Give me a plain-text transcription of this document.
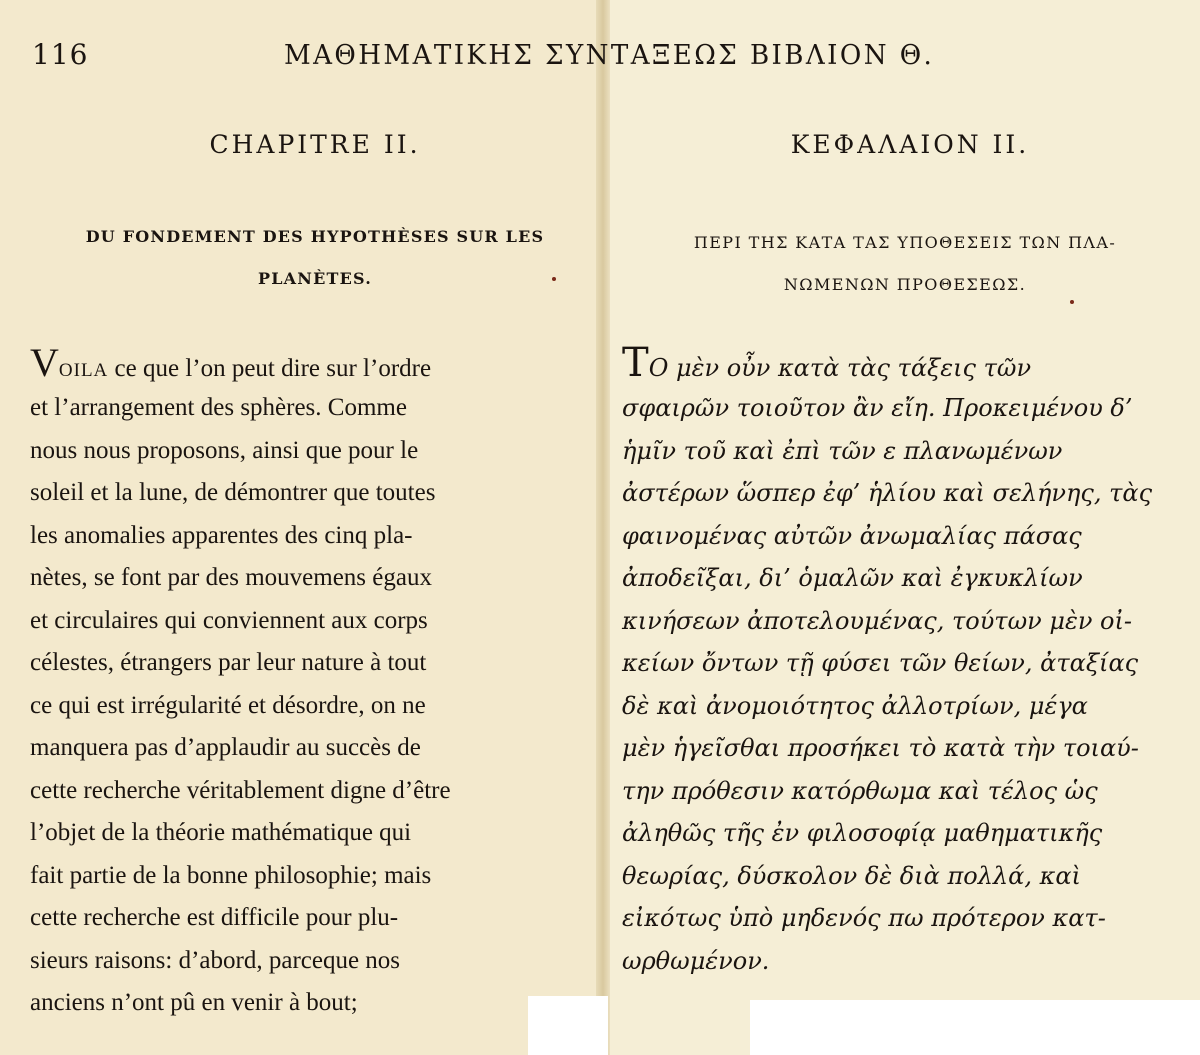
116	ΜΑΘΗΜΑΤΙΚΗΣ ΣΥΝΤΑΞΕΩΣ ΒΙΒΛΙΟΝ Θ.
CHAPITRE II.	ΚΕΦΑΛΑΙΟΝ ΙΙ.
DU FONDEMENT DES HYPOTHÈSES SUR LES
PLANÈTES.
ΠΕΡΙ ΤΗΣ ΚΑΤΑ ΤΑΣ ΥΠΟΘΕΣΕΙΣ ΤΩΝ ΠΛΑ-
ΝΩΜΕΝΩΝ ΠΡΟΘΕΣΕΩΣ.
VOILA ce que l’on peut dire sur l’ordre
et l’arrangement des sphères. Comme
nous nous proposons, ainsi que pour le
soleil et la lune, de démontrer que toutes
les anomalies apparentes des cinq pla-
nètes, se font par des mouvemens égaux
et circulaires qui conviennent aux corps
célestes, étrangers par leur nature à tout
ce qui est irrégularité et désordre, on ne
manquera pas d’applaudir au succès de
cette recherche véritablement digne d’être
l’objet de la théorie mathématique qui
fait partie de la bonne philosophie; mais
cette recherche est difficile pour plu-
sieurs raisons: d’abord, parceque nos
anciens n’ont pû en venir à bout;
ΤΟ μὲν οὖν κατὰ τὰς τάξεις τῶν
σφαιρῶν τοιοῦτον ἂν εἴη. Προκειμένου δ’
ἡμῖν τοῦ καὶ ἐπὶ τῶν ε πλανωμένων
ἀστέρων ὥσπερ ἐφ’ ἡλίου καὶ σελήνης, τὰς
φαινομένας αὐτῶν ἀνωμαλίας πάσας
ἀποδεῖξαι, δι’ ὁμαλῶν καὶ ἐγκυκλίων
κινήσεων ἀποτελουμένας, τούτων μὲν οἰ-
κείων ὄντων τῇ φύσει τῶν θείων, ἀταξίας
δὲ καὶ ἀνομοιότητος ἀλλοτρίων, μέγα
μὲν ἡγεῖσθαι προσήκει τὸ κατὰ τὴν τοιαύ-
την πρόθεσιν κατόρθωμα καὶ τέλος ὡς
ἀληθῶς τῆς ἐν φιλοσοφίᾳ μαθηματικῆς
θεωρίας, δύσκολον δὲ διὰ πολλά, καὶ
εἰκότως ὑπὸ μηδενός πω πρότερον κατ-
ωρθωμένον.
